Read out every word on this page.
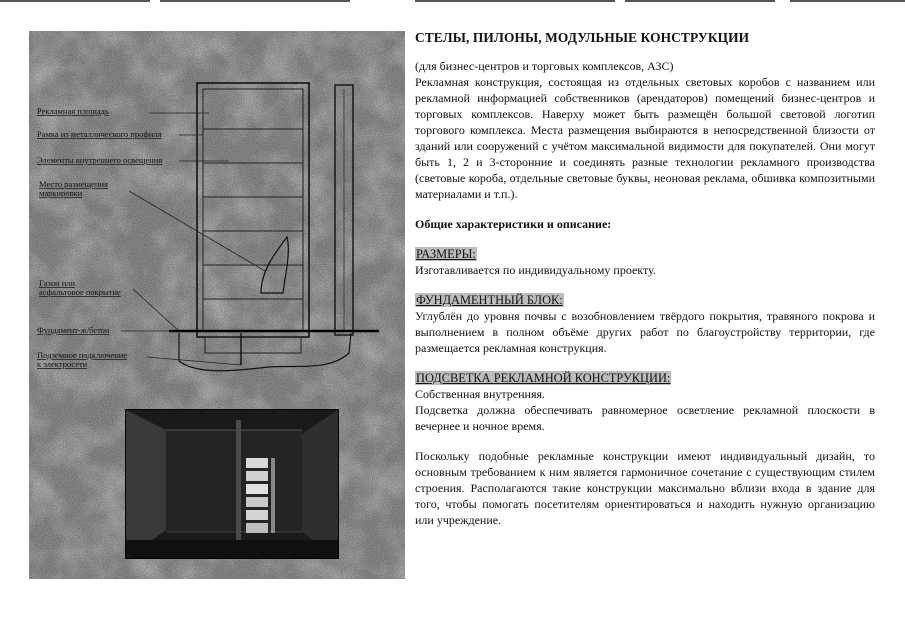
Рекламная площадь
Рамка из металлического профиля
Элементы внутреннего освещения
Место размещения
маркировки
Газон или
асфальтовое покрытие
Фундамент-ж/бетон
Подземное подключение
к электросети
СТЕЛЫ, ПИЛОНЫ, МОДУЛЬНЫЕ КОНСТРУКЦИИ

(для бизнес-центров и торговых комплексов, АЗС)

Рекламная конструкция, состоящая из отдельных световых коробов с названием или рекламной информацией собственников (арендаторов) помещений бизнес-центров и торговых комплексов. Наверху может быть размещён большой световой логотип торгового комплекса. Места размещения выбираются в непосредственной близости от зданий или сооружений с учётом максимальной видимости для покупателей. Они могут быть 1, 2 и 3-сторонние и соединять разные технологии рекламного производства (световые короба, отдельные световые буквы, неоновая реклама, обшивка композитными материалами и т.п.).

Общие характеристики и описание:

РАЗМЕРЫ:

Изготавливается по индивидуальному проекту.

ФУНДАМЕНТНЫЙ БЛОК:

Углублён до уровня почвы с возобновлением твёрдого покрытия, травяного покрова и выполнением в полном объёме других работ по благоустройству территории, где размещается рекламная конструкция.

ПОДСВЕТКА РЕКЛАМНОЙ КОНСТРУКЦИИ:

Собственная внутренняя.

Подсветка должна обеспечивать равномерное осветление рекламной плоскости в вечернее и ночное время.

Поскольку подобные рекламные конструкции имеют индивидуальный дизайн, то основным требованием к ним является гармоничное сочетание с существующим стилем строения. Располагаются такие конструкции максимально вблизи входа в здание для того, чтобы помогать посетителям ориентироваться и находить нужную организацию или учреждение.
